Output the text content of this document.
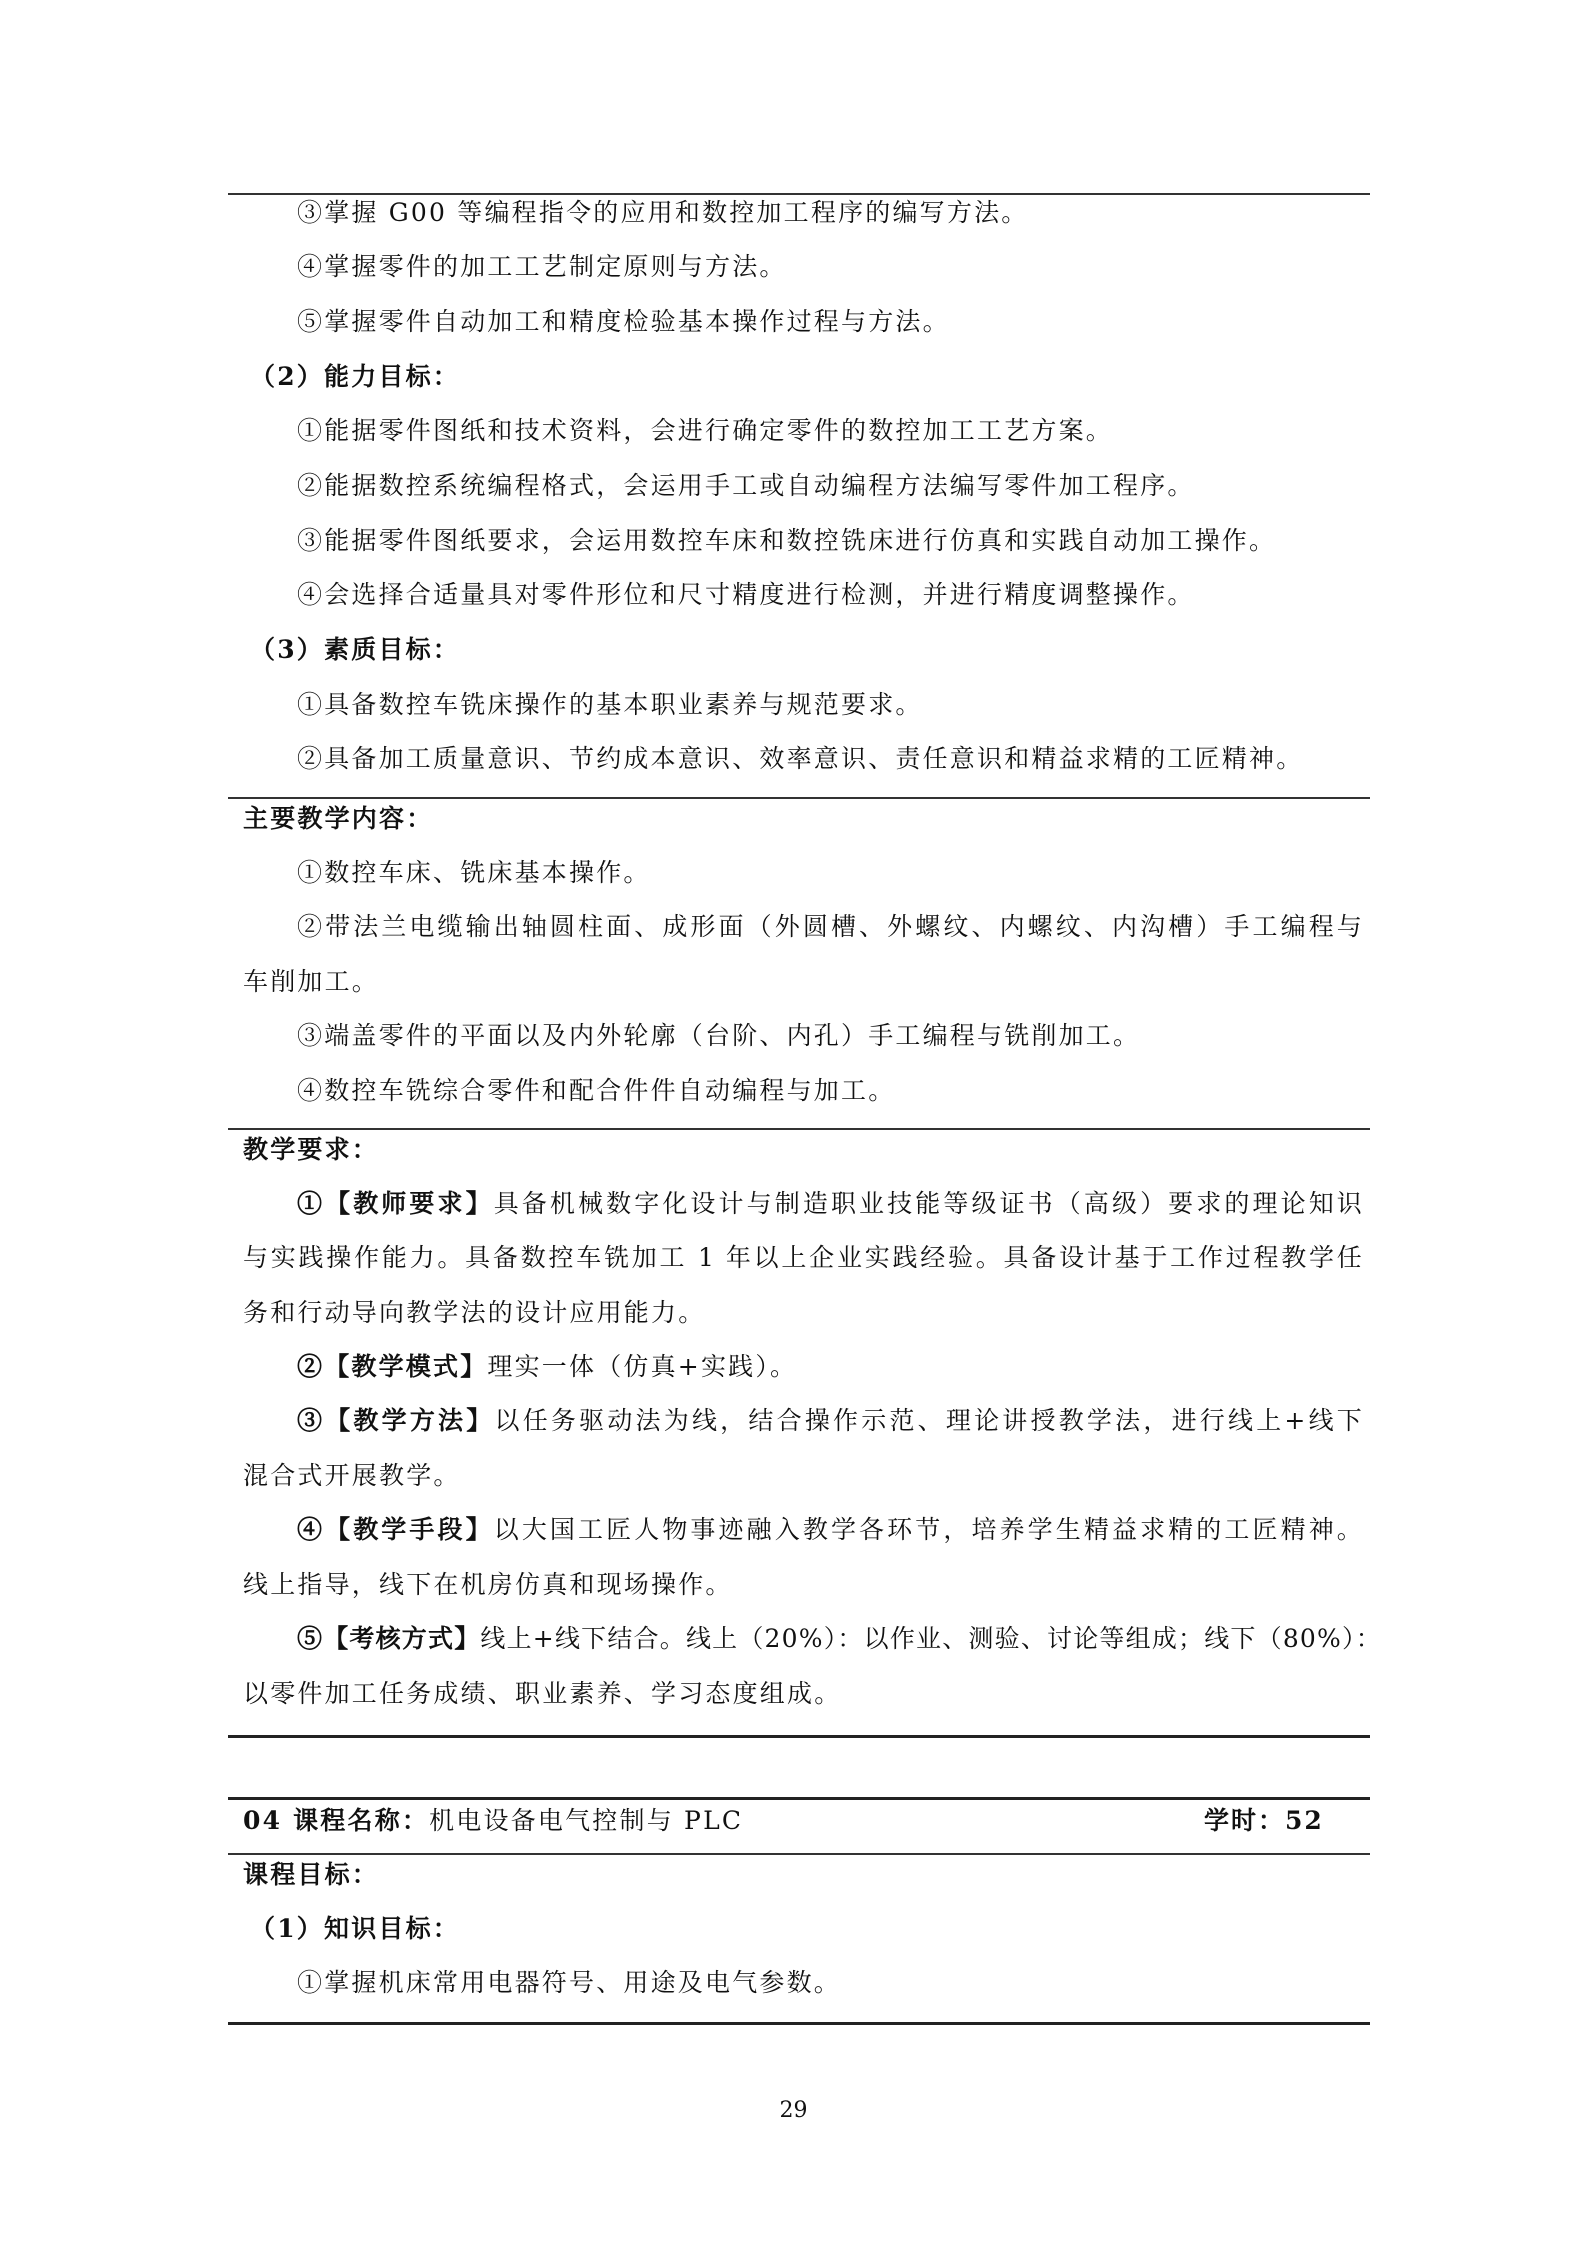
③掌握 G00 等编程指令的应用和数控加工程序的编写方法。
④掌握零件的加工工艺制定原则与方法。
⑤掌握零件自动加工和精度检验基本操作过程与方法。
（2）能力目标：
①能据零件图纸和技术资料，会进行确定零件的数控加工工艺方案。
②能据数控系统编程格式，会运用手工或自动编程方法编写零件加工程序。
③能据零件图纸要求，会运用数控车床和数控铣床进行仿真和实践自动加工操作。
④会选择合适量具对零件形位和尺寸精度进行检测，并进行精度调整操作。
（3）素质目标：
①具备数控车铣床操作的基本职业素养与规范要求。
②具备加工质量意识、节约成本意识、效率意识、责任意识和精益求精的工匠精神。
主要教学内容：
①数控车床、铣床基本操作。
②带法兰电缆输出轴圆柱面、成形面（外圆槽、外螺纹、内螺纹、内沟槽）手工编程与
车削加工。
③端盖零件的平面以及内外轮廓（台阶、内孔）手工编程与铣削加工。
④数控车铣综合零件和配合件件自动编程与加工。
教学要求：
①【教师要求】具备机械数字化设计与制造职业技能等级证书（高级）要求的理论知识
与实践操作能力。具备数控车铣加工 1 年以上企业实践经验。具备设计基于工作过程教学任
务和行动导向教学法的设计应用能力。
②【教学模式】理实一体（仿真+实践）。
③【教学方法】以任务驱动法为线，结合操作示范、理论讲授教学法，进行线上+线下
混合式开展教学。
④【教学手段】以大国工匠人物事迹融入教学各环节，培养学生精益求精的工匠精神。
线上指导，线下在机房仿真和现场操作。
⑤【考核方式】线上+线下结合。线上（20%）：以作业、测验、讨论等组成；线下（80%）：
以零件加工任务成绩、职业素养、学习态度组成。
04 课程名称：机电设备电气控制与 PLC	学时：52
课程目标：
（1）知识目标：
①掌握机床常用电器符号、用途及电气参数。
29
